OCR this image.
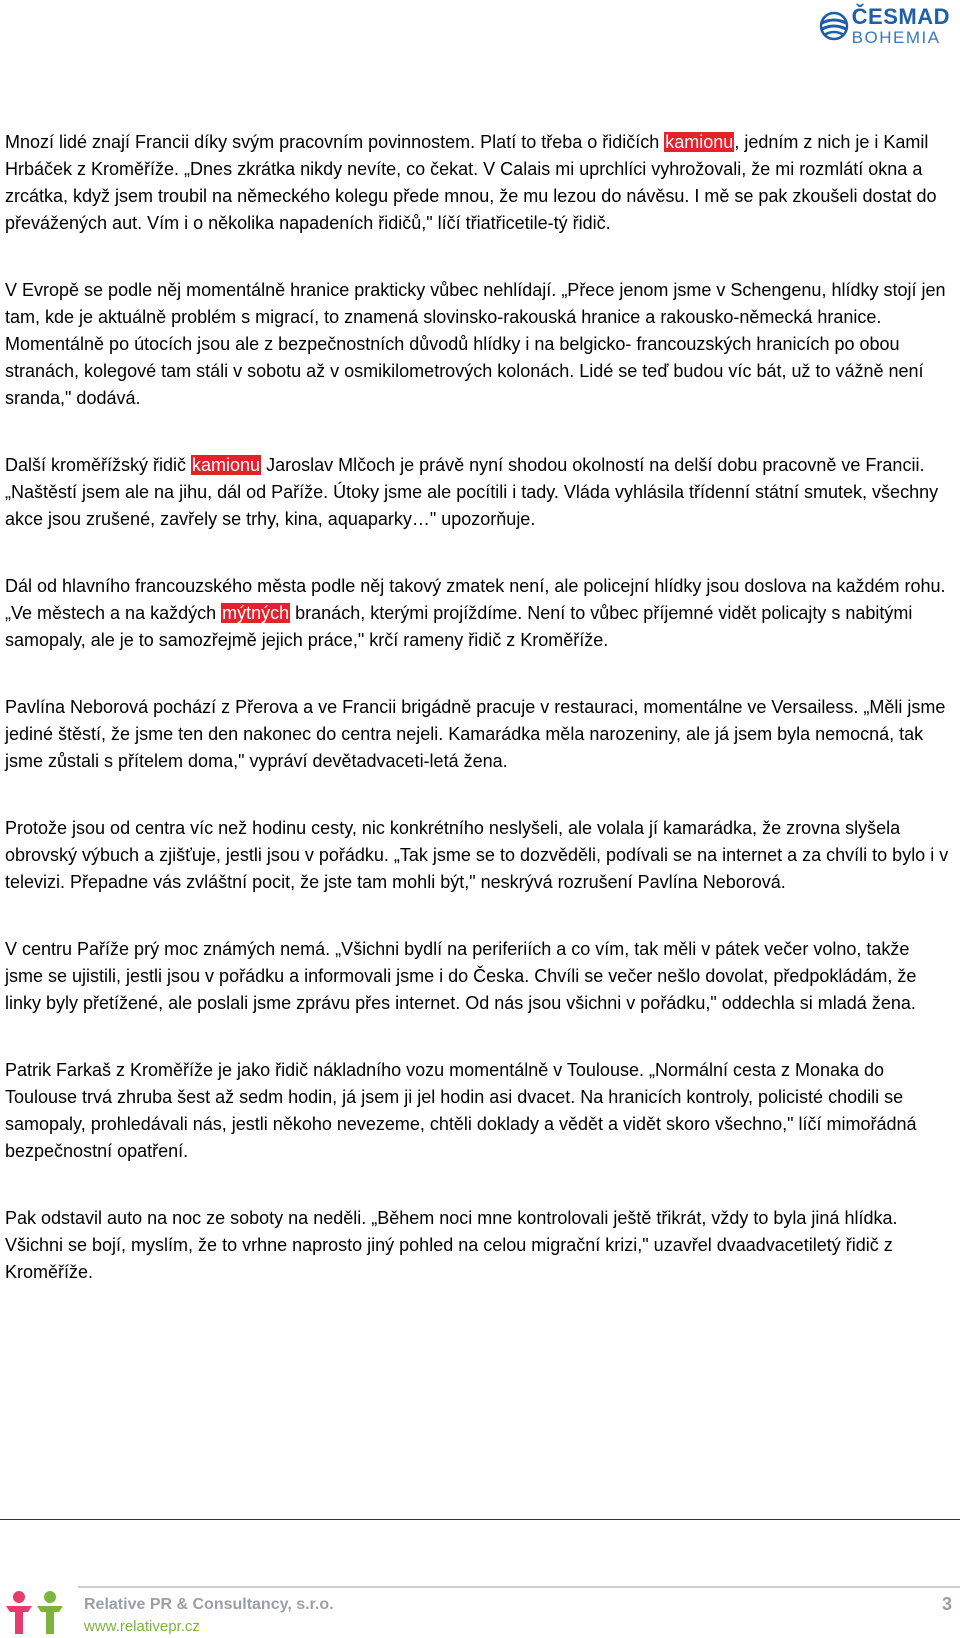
ČESMAD
BOHEMIA

Mnozí lidé znají Francii díky svým pracovním povinnostem. Platí to třeba o řidičích kamionu, jedním z nich je i Kamil Hrbáček z Kroměříže. „Dnes zkrátka nikdy nevíte, co čekat. V Calais mi uprchlíci vyhrožovali, že mi rozmlátí okna a zrcátka, když jsem troubil na německého kolegu přede mnou, že mu lezou do návěsu. I mě se pak zkoušeli dostat do převážených aut. Vím i o několika napadeních řidičů," líčí třiatřicetile-tý řidič.

V Evropě se podle něj momentálně hranice prakticky vůbec nehlídají. „Přece jenom jsme v Schengenu, hlídky stojí jen tam, kde je aktuálně problém s migrací, to znamená slovinsko-rakouská hranice a rakousko-německá hranice. Momentálně po útocích jsou ale z bezpečnostních důvodů hlídky i na belgicko- francouzských hranicích po obou stranách, kolegové tam stáli v sobotu až v osmikilometrových kolonách. Lidé se teď budou víc bát, už to vážně není sranda," dodává.

Další kroměřížský řidič kamionu Jaroslav Mlčoch je právě nyní shodou okolností na delší dobu pracovně ve Francii. „Naštěstí jsem ale na jihu, dál od Paříže. Útoky jsme ale pocítili i tady. Vláda vyhlásila třídenní státní smutek, všechny akce jsou zrušené, zavřely se trhy, kina, aquaparky…" upozorňuje.

Dál od hlavního francouzského města podle něj takový zmatek není, ale policejní hlídky jsou doslova na každém rohu. „Ve městech a na každých mýtných branách, kterými projíždíme. Není to vůbec příjemné vidět policajty s nabitými samopaly, ale je to samozřejmě jejich práce," krčí rameny řidič z Kroměříže.

Pavlína Neborová pochází z Přerova a ve Francii brigádně pracuje v restauraci, momentálne ve Versailess. „Měli jsme jediné štěstí, že jsme ten den nakonec do centra nejeli. Kamarádka měla narozeniny, ale já jsem byla nemocná, tak jsme zůstali s přítelem doma," vypráví devětadvaceti-letá žena.

Protože jsou od centra víc než hodinu cesty, nic konkrétního neslyšeli, ale volala jí kamarádka, že zrovna slyšela obrovský výbuch a zjišťuje, jestli jsou v pořádku. „Tak jsme se to dozvěděli, podívali se na internet a za chvíli to bylo i v televizi. Přepadne vás zvláštní pocit, že jste tam mohli být," neskrývá rozrušení Pavlína Neborová.

V centru Paříže prý moc známých nemá. „Všichni bydlí na periferiích a co vím, tak měli v pátek večer volno, takže jsme se ujistili, jestli jsou v pořádku a informovali jsme i do Česka. Chvíli se večer nešlo dovolat, předpokládám, že linky byly přetížené, ale poslali jsme zprávu přes internet. Od nás jsou všichni v pořádku," oddechla si mladá žena.

Patrik Farkaš z Kroměříže je jako řidič nákladního vozu momentálně v Toulouse. „Normální cesta z Monaka do Toulouse trvá zhruba šest až sedm hodin, já jsem ji jel hodin asi dvacet. Na hranicích kontroly, policisté chodili se samopaly, prohledávali nás, jestli někoho nevezeme, chtěli doklady a vědět a vidět skoro všechno," líčí mimořádná bezpečnostní opatření.

Pak odstavil auto na noc ze soboty na neděli. „Během noci mne kontrolovali ještě třikrát, vždy to byla jiná hlídka. Všichni se bojí, myslím, že to vrhne naprosto jiný pohled na celou migrační krizi," uzavřel dvaadvacetiletý řidič z Kroměříže.

Relative PR & Consultancy, s.r.o.
www.relativepr.cz
3
